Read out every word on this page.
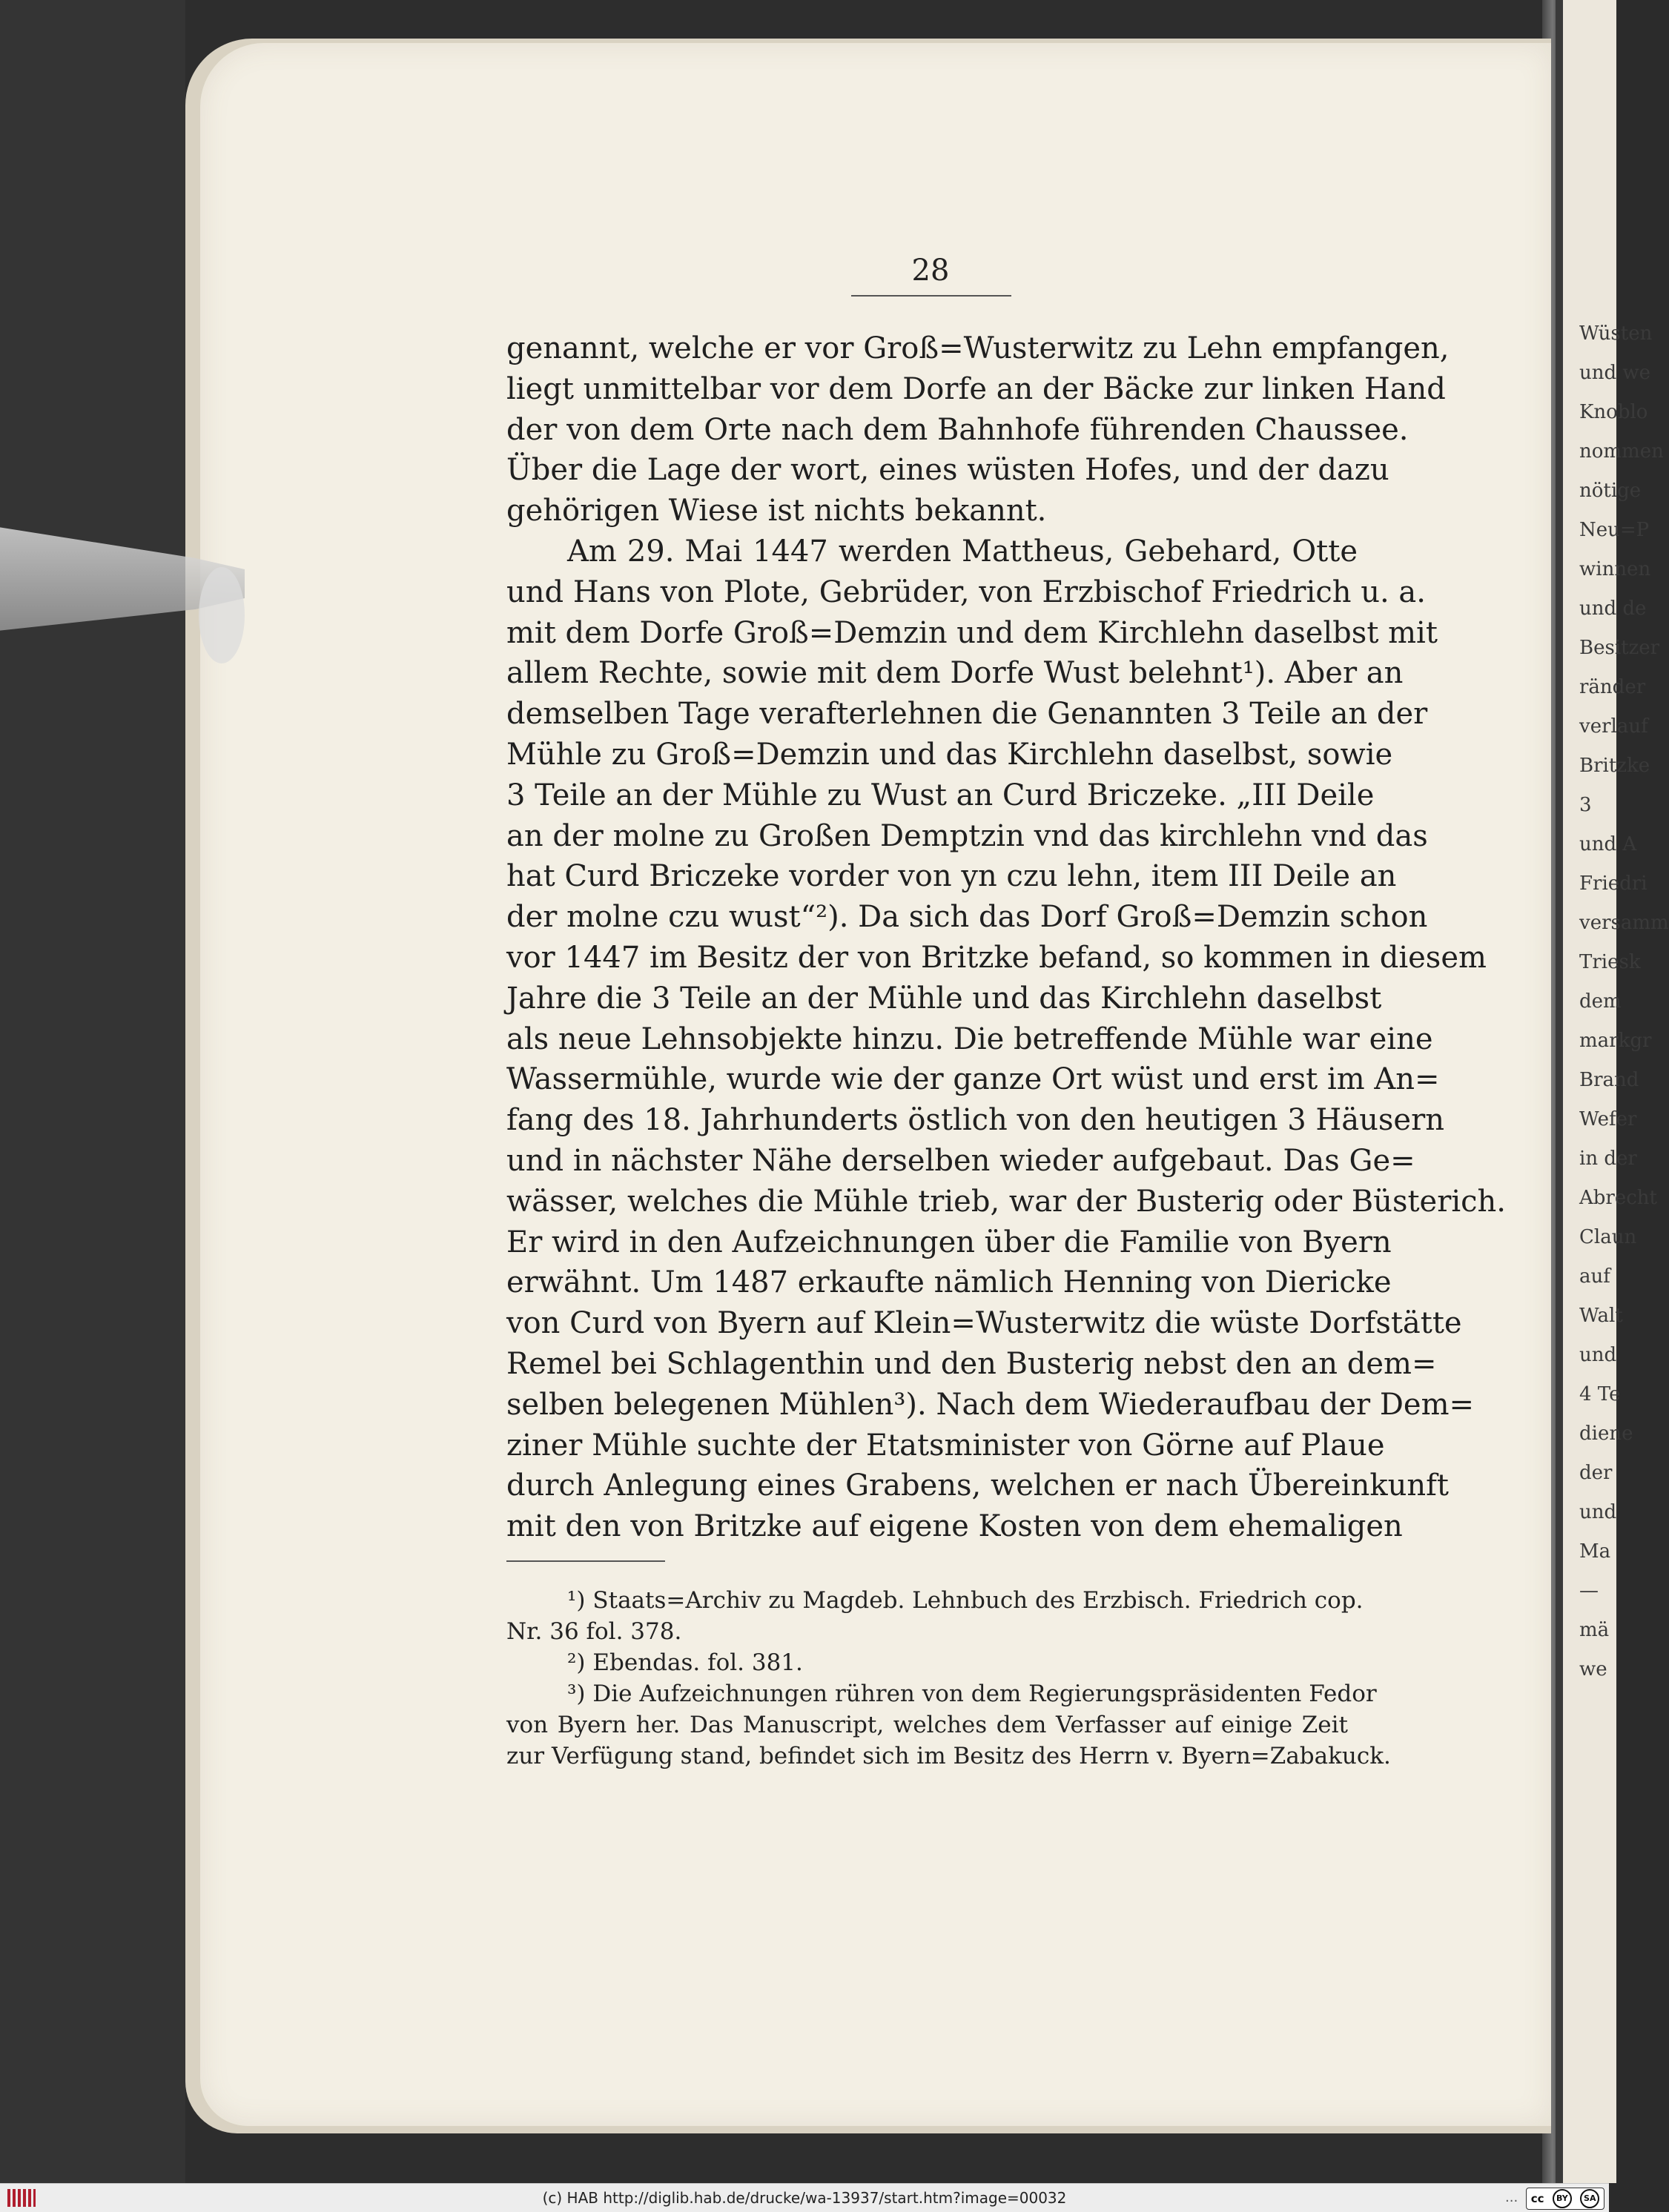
Wüsten
und we
Knoblo
nommen
nötige
Neu=P
winnen
und de
Besitzer
ränder
verlauf
Britzke
3
und A
Friedri
versamm
Triesk
dem
markgr
Brand
Wefer
in der
Abrecht
Claun
auf
Walt
und
4 Te
diene
der
und
Ma
—
mä
we
28
genannt, welche er vor Groß=Wusterwitz zu Lehn empfangen,
liegt unmittelbar vor dem Dorfe an der Bäcke zur linken Hand
der von dem Orte nach dem Bahnhofe führenden Chaussee.
Über die Lage der wort, eines wüsten Hofes, und der dazu
gehörigen Wiese ist nichts bekannt.
Am 29. Mai 1447 werden Mattheus, Gebehard, Otte
und Hans von Plote, Gebrüder, von Erzbischof Friedrich u. a.
mit dem Dorfe Groß=Demzin und dem Kirchlehn daselbst mit
allem Rechte, sowie mit dem Dorfe Wust belehnt¹). Aber an
demselben Tage verafterlehnen die Genannten 3 Teile an der
Mühle zu Groß=Demzin und das Kirchlehn daselbst, sowie
3 Teile an der Mühle zu Wust an Curd Briczeke. „III Deile
an der molne zu Großen Demptzin vnd das kirchlehn vnd das
hat Curd Briczeke vorder von yn czu lehn, item III Deile an
der molne czu wust“²). Da sich das Dorf Groß=Demzin schon
vor 1447 im Besitz der von Britzke befand, so kommen in diesem
Jahre die 3 Teile an der Mühle und das Kirchlehn daselbst
als neue Lehnsobjekte hinzu. Die betreffende Mühle war eine
Wassermühle, wurde wie der ganze Ort wüst und erst im An=
fang des 18. Jahrhunderts östlich von den heutigen 3 Häusern
und in nächster Nähe derselben wieder aufgebaut. Das Ge=
wässer, welches die Mühle trieb, war der Busterig oder Büsterich.
Er wird in den Aufzeichnungen über die Familie von Byern
erwähnt. Um 1487 erkaufte nämlich Henning von Diericke
von Curd von Byern auf Klein=Wusterwitz die wüste Dorfstätte
Remel bei Schlagenthin und den Busterig nebst den an dem=
selben belegenen Mühlen³). Nach dem Wiederaufbau der Dem=
ziner Mühle suchte der Etatsminister von Görne auf Plaue
durch Anlegung eines Grabens, welchen er nach Übereinkunft
mit den von Britzke auf eigene Kosten von dem ehemaligen
¹) Staats=Archiv zu Magdeb. Lehnbuch des Erzbisch. Friedrich cop.
Nr. 36 fol. 378.
²) Ebendas. fol. 381.
³) Die Aufzeichnungen rühren von dem Regierungspräsidenten Fedor
von Byern her. Das Manuscript, welches dem Verfasser auf einige Zeit
zur Verfügung stand, befindet sich im Besitz des Herrn v. Byern=Zabakuck.
(c) HAB http://diglib.hab.de/drucke/wa-13937/start.htm?image=00032	... cc	BY	SA
